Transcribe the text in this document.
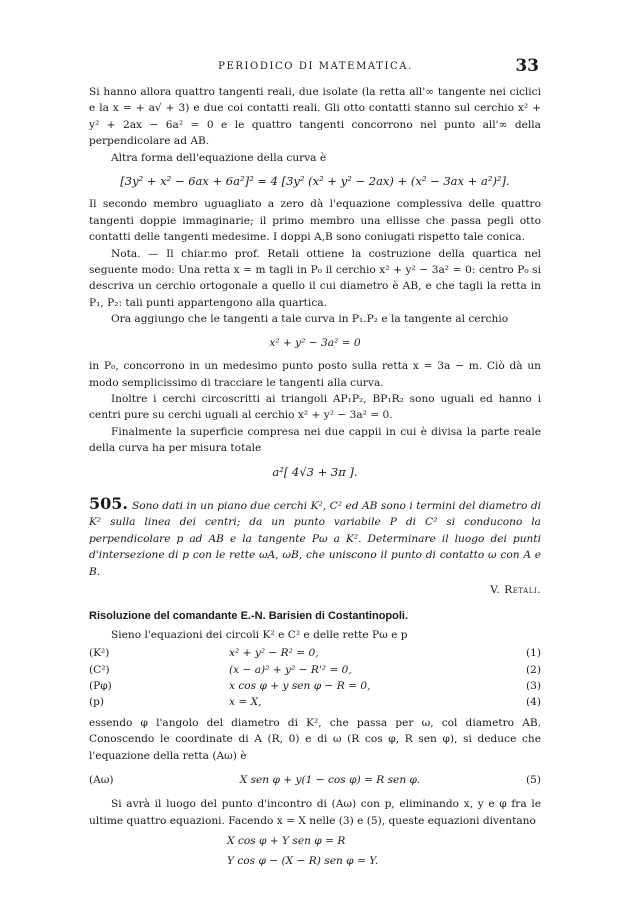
PERIODICO DI MATEMATICA.	33

Si hanno allora quattro tangenti reali, due isolate (la retta all'∞ tangente nei ciclici e la x = + a√ + 3) e due coi contatti reali. Gli otto contatti stanno sul cerchio x² + y² + 2ax − 6a² = 0 e le quattro tangenti concorrono nel punto all'∞ della perpendicolare ad AB.

Altra forma dell'equazione della curva è

[3y² + x² − 6ax + 6a²]² = 4 [3y² (x² + y² − 2ax) + (x² − 3ax + a²)²].

Il secondo membro uguagliato a zero dà l'equazione complessiva delle quattro tangenti doppie immaginarie; il primo membro una ellisse che passa pegli otto contatti delle tangenti medesime. I doppi A,B sono coniugati rispetto tale conica.

Nota. — Il chiar.mo prof. Retali ottiene la costruzione della quartica nel seguente modo: Una retta x = m tagli in P₀ il cerchio x² + y² − 3a² = 0: centro P₀ si descriva un cerchio ortogonale a quello il cui diametro è AB, e che tagli la retta in P₁, P₂: tali punti appartengono alla quartica.

Ora aggiungo che le tangenti a tale curva in P₁.P₂ e la tangente al cerchio

x² + y² − 3a² = 0

in P₀, concorrono in un medesimo punto posto sulla retta x = 3a − m. Ciò dà un modo semplicissimo di tracciare le tangenti alla curva.

Inoltre i cerchi circoscritti ai triangoli AP₁P₂, BP₁R₂ sono uguali ed hanno i centri pure su cerchi uguali al cerchio x² + y² − 3a² = 0.

Finalmente la superficie compresa nei due cappii in cui è divisa la parte reale della curva ha per misura totale

a²[ 4√3 + 3π ].

505. Sono dati in un piano due cerchi K², C² ed AB sono i termini del diametro di K² sulla linea dei centri; da un punto variabile P di C² si conducono la perpendicolare p ad AB e la tangente Pω a K². Determinare il luogo dei punti d'intersezione di p con le rette ωA, ωB, che uniscono il punto di contatto ω con A e B.

V. Retali.
Risoluzione del comandante E.-N. Barisien di Costantinopoli.

Sieno l'equazioni dei circoli K² e C² e delle rette Pω e p

(K²)	x² + y² − R² = 0,	(1)
(C²)	(x − a)² + y² − R'² = 0,	(2)
(Pφ)	x cos φ + y sen φ − R = 0,	(3)
(p)	x = X,	(4)

essendo φ l'angolo del diametro di K², che passa per ω, col diametro AB. Conoscendo le coordinate di A (R, 0) e di ω (R cos φ, R sen φ), si deduce che l'equazione della retta (Aω) è

(Aω)	X sen φ + y(1 − cos φ) = R sen φ.	(5)

Si avrà il luogo del punto d'incontro di (Aω) con p, eliminando x, y e φ fra le ultime quattro equazioni. Facendo x = X nelle (3) e (5), queste equazioni diventano

X cos φ + Y sen φ = R
Y cos φ − (X − R) sen φ = Y.
